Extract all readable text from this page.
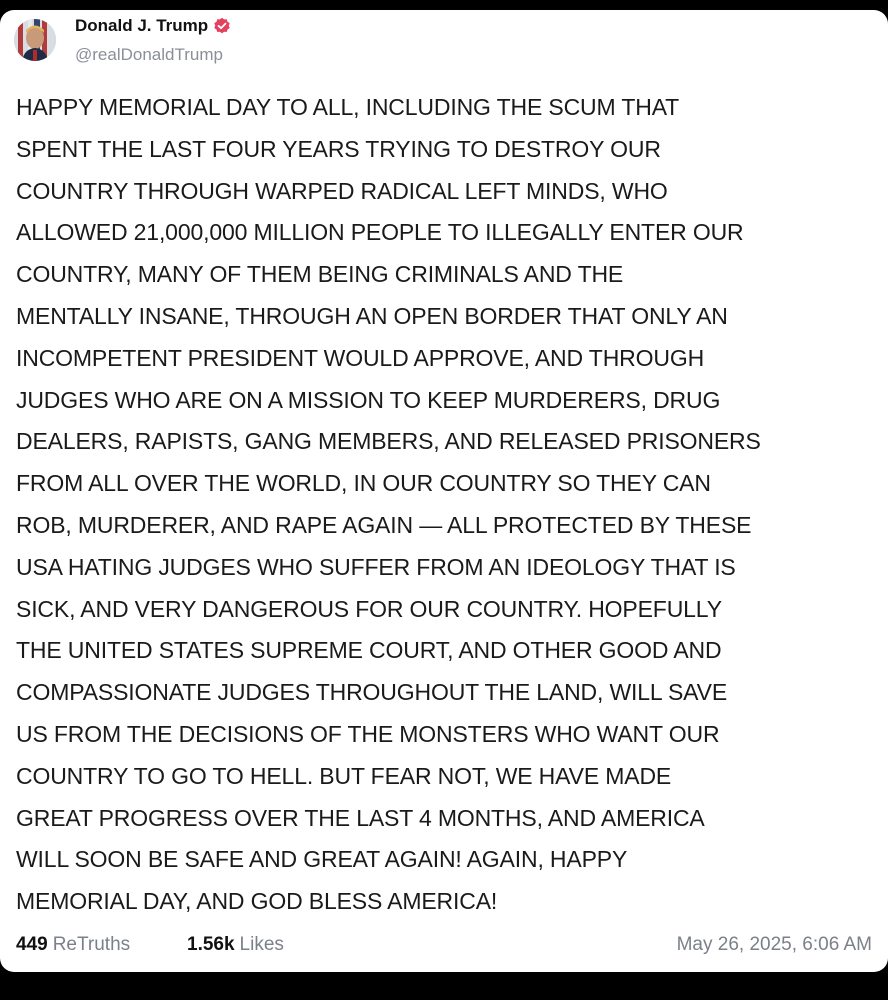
Donald J. Trump
@realDonaldTrump

HAPPY MEMORIAL DAY TO ALL, INCLUDING THE SCUM THAT
SPENT THE LAST FOUR YEARS TRYING TO DESTROY OUR
COUNTRY THROUGH WARPED RADICAL LEFT MINDS, WHO
ALLOWED 21,000,000 MILLION PEOPLE TO ILLEGALLY ENTER OUR
COUNTRY, MANY OF THEM BEING CRIMINALS AND THE
MENTALLY INSANE, THROUGH AN OPEN BORDER THAT ONLY AN
INCOMPETENT PRESIDENT WOULD APPROVE, AND THROUGH
JUDGES WHO ARE ON A MISSION TO KEEP MURDERERS, DRUG
DEALERS, RAPISTS, GANG MEMBERS, AND RELEASED PRISONERS
FROM ALL OVER THE WORLD, IN OUR COUNTRY SO THEY CAN
ROB, MURDERER, AND RAPE AGAIN — ALL PROTECTED BY THESE
USA HATING JUDGES WHO SUFFER FROM AN IDEOLOGY THAT IS
SICK, AND VERY DANGEROUS FOR OUR COUNTRY. HOPEFULLY
THE UNITED STATES SUPREME COURT, AND OTHER GOOD AND
COMPASSIONATE JUDGES THROUGHOUT THE LAND, WILL SAVE
US FROM THE DECISIONS OF THE MONSTERS WHO WANT OUR
COUNTRY TO GO TO HELL. BUT FEAR NOT, WE HAVE MADE
GREAT PROGRESS OVER THE LAST 4 MONTHS, AND AMERICA
WILL SOON BE SAFE AND GREAT AGAIN! AGAIN, HAPPY
MEMORIAL DAY, AND GOD BLESS AMERICA!

449 ReTruths	1.56k Likes	May 26, 2025, 6:06 AM
